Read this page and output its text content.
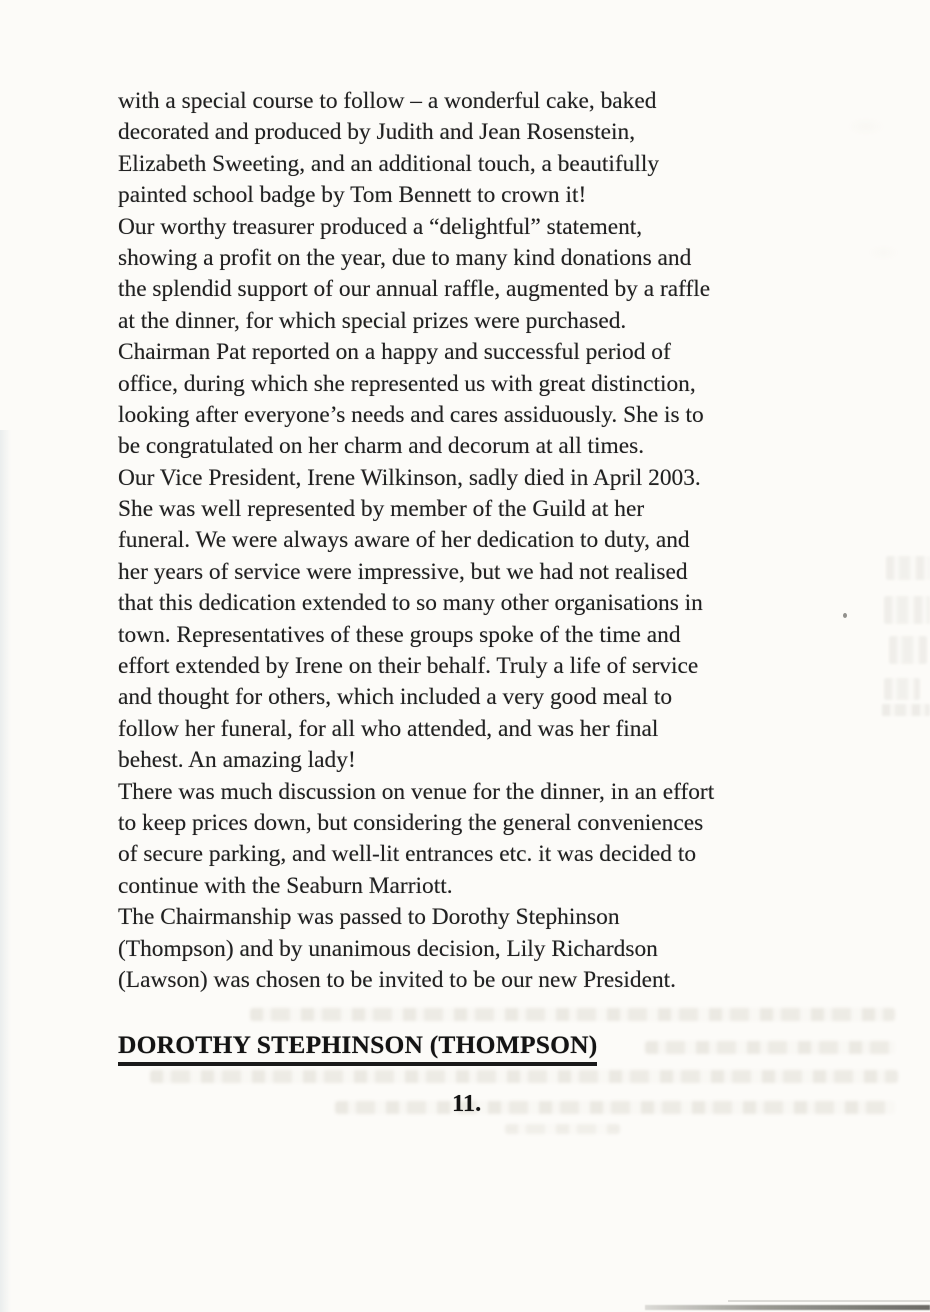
with a special course to follow – a wonderful cake, baked
decorated and produced by Judith and Jean Rosenstein,
Elizabeth Sweeting, and an additional touch, a beautifully
painted school badge by Tom Bennett to crown it!
Our worthy treasurer produced a “delightful” statement,
showing a profit on the year, due to many kind donations and
the splendid support of our annual raffle, augmented by a raffle
at the dinner, for which special prizes were purchased.
Chairman Pat reported on a happy and successful period of
office, during which she represented us with great distinction,
looking after everyone’s needs and cares assiduously. She is to
be congratulated on her charm and decorum at all times.
Our Vice President, Irene Wilkinson, sadly died in April 2003.
She was well represented by member of the Guild at her
funeral. We were always aware of her dedication to duty, and
her years of service were impressive, but we had not realised
that this dedication extended to so many other organisations in
town. Representatives of these groups spoke of the time and
effort extended by Irene on their behalf. Truly a life of service
and thought for others, which included a very good meal to
follow her funeral, for all who attended, and was her final
behest. An amazing lady!
There was much discussion on venue for the dinner, in an effort
to keep prices down, but considering the general conveniences
of secure parking, and well-lit entrances etc. it was decided to
continue with the Seaburn Marriott.
The Chairmanship was passed to Dorothy Stephinson
(Thompson) and by unanimous decision, Lily Richardson
(Lawson) was chosen to be invited to be our new President.
DOROTHY STEPHINSON (THOMPSON)
11.
